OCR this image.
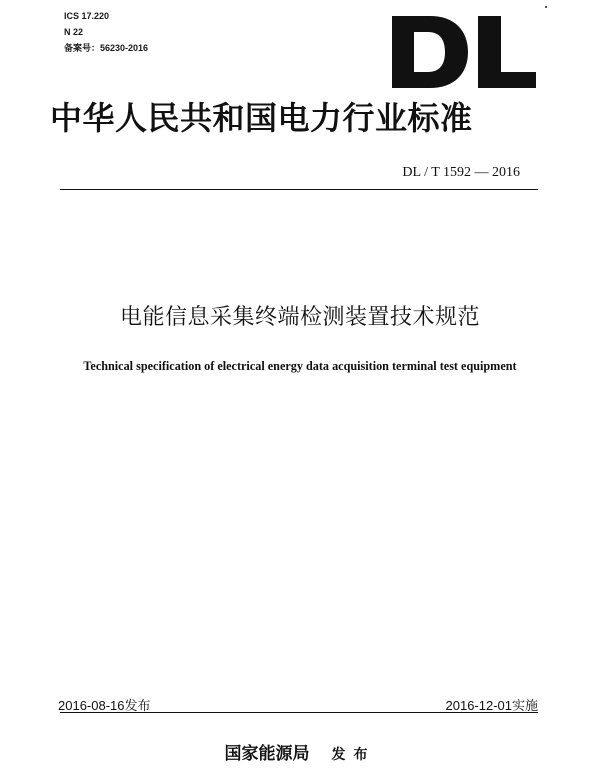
ICS 17.220
N 22
备案号：56230-2016
中华人民共和国电力行业标准
DL / T 1592 — 2016
电能信息采集终端检测装置技术规范
Technical specification of electrical energy data acquisition terminal test equipment
2016-08-16发布	2016-12-01实施
国家能源局 发布
